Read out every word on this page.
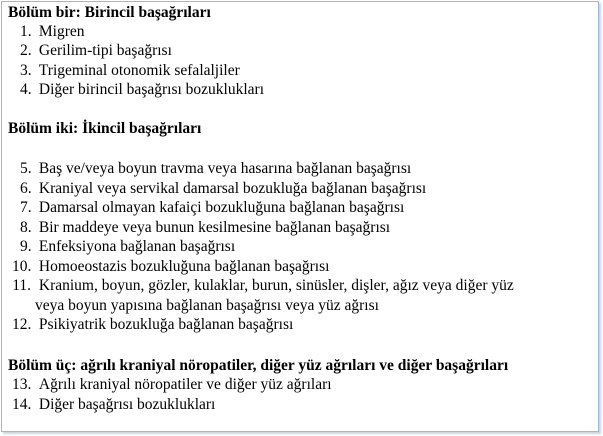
Bölüm bir: Birincil başağrıları
1. Migren
2. Gerilim-tipi başağrısı
3. Trigeminal otonomik sefalaljiler
4. Diğer birincil başağrısı bozuklukları
Bölüm iki: İkincil başağrıları
5. Baş ve/veya boyun travma veya hasarına bağlanan başağrısı
6. Kraniyal veya servikal damarsal bozukluğa bağlanan başağrısı
7. Damarsal olmayan kafaiçi bozukluğuna bağlanan başağrısı
8. Bir maddeye veya bunun kesilmesine bağlanan başağrısı
9. Enfeksiyona bağlanan başağrısı
10. Homoeostazis bozukluğuna bağlanan başağrısı
11. Kranium, boyun, gözler, kulaklar, burun, sinüsler, dişler, ağız veya diğer yüz
veya boyun yapısına bağlanan başağrısı veya yüz ağrısı
12. Psikiyatrik bozukluğa bağlanan başağrısı
Bölüm üç: ağrılı kraniyal nöropatiler, diğer yüz ağrıları ve diğer başağrıları
13. Ağrılı kraniyal nöropatiler ve diğer yüz ağrıları
14. Diğer başağrısı bozuklukları
